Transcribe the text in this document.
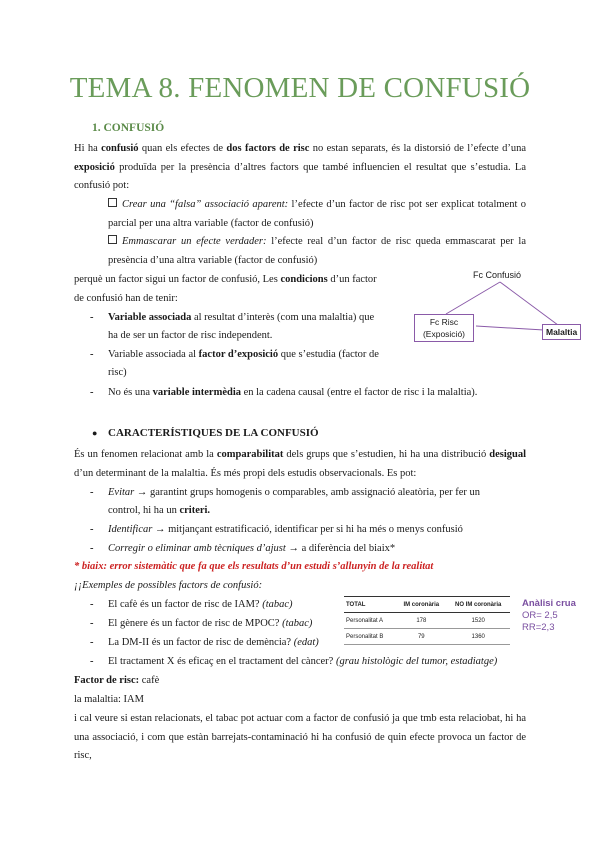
TEMA 8. FENOMEN DE CONFUSIÓ
1. CONFUSIÓ

Hi ha confusió quan els efectes de dos factors de risc no estan separats, és la distorsió de l’efecte d’una exposició produïda per la presència d’altres factors que també influencien el resultat que s’estudia. La confusió pot:

Crear una “falsa” associació aparent: l’efecte d’un factor de risc pot ser explicat totalment o parcial per una altra variable (factor de confusió)

Emmascarar un efecte verdader: l’efecte real d’un factor de risc queda emmascarat per la presència d’una altra variable (factor de confusió)

perquè un factor sigui un factor de confusió, Les condicions d’un factor

de confusió han de tenir:

- Variable associada al resultat d’interès (com una malaltia) que

ha de ser un factor de risc independent.

- Variable associada al factor d’exposició que s’estudia (factor de

risc)

- No és una variable intermèdia en la cadena causal (entre el factor de risc i la malaltia).

Fc Confusió
Fc Risc
(Exposició)	Malaltia
● CARACTERÍSTIQUES DE LA CONFUSIÓ

És un fenomen relacionat amb la comparabilitat dels grups que s’estudien, hi ha una distribució desigual d’un determinant de la malaltia. És més propi dels estudis observacionals. Es pot:

- Evitar → garantint grups homogenis o comparables, amb assignació aleatòria, per fer un

control, hi ha un criteri.

- Identificar → mitjançant estratificació, identificar per si hi ha més o menys confusió

- Corregir o eliminar amb tècniques d’ajust → a diferència del biaix*

* biaix: error sistemàtic que fa que els resultats d’un estudi s’allunyin de la realitat

¡¡Exemples de possibles factors de confusió:

- El cafè és un factor de risc de IAM? (tabac)

- El gènere és un factor de risc de MPOC? (tabac)

- La DM-II és un factor de risc de demència? (edat)

- El tractament X és eficaç en el tractament del càncer? (grau histològic del tumor, estadiatge)

TOTAL	IM coronària	NO IM coronària
Personalitat A	178	1520
Personalitat B	79	1360
Anàlisi crua
OR= 2,5
RR=2,3

Factor de risc: cafè

la malaltia: IAM

i cal veure si estan relacionats, el tabac pot actuar com a factor de confusió ja que tmb esta relaciobat, hi ha una associació, i com que estàn barrejats-contaminació hi ha confusió de quin efecte provoca un factor de risc,
